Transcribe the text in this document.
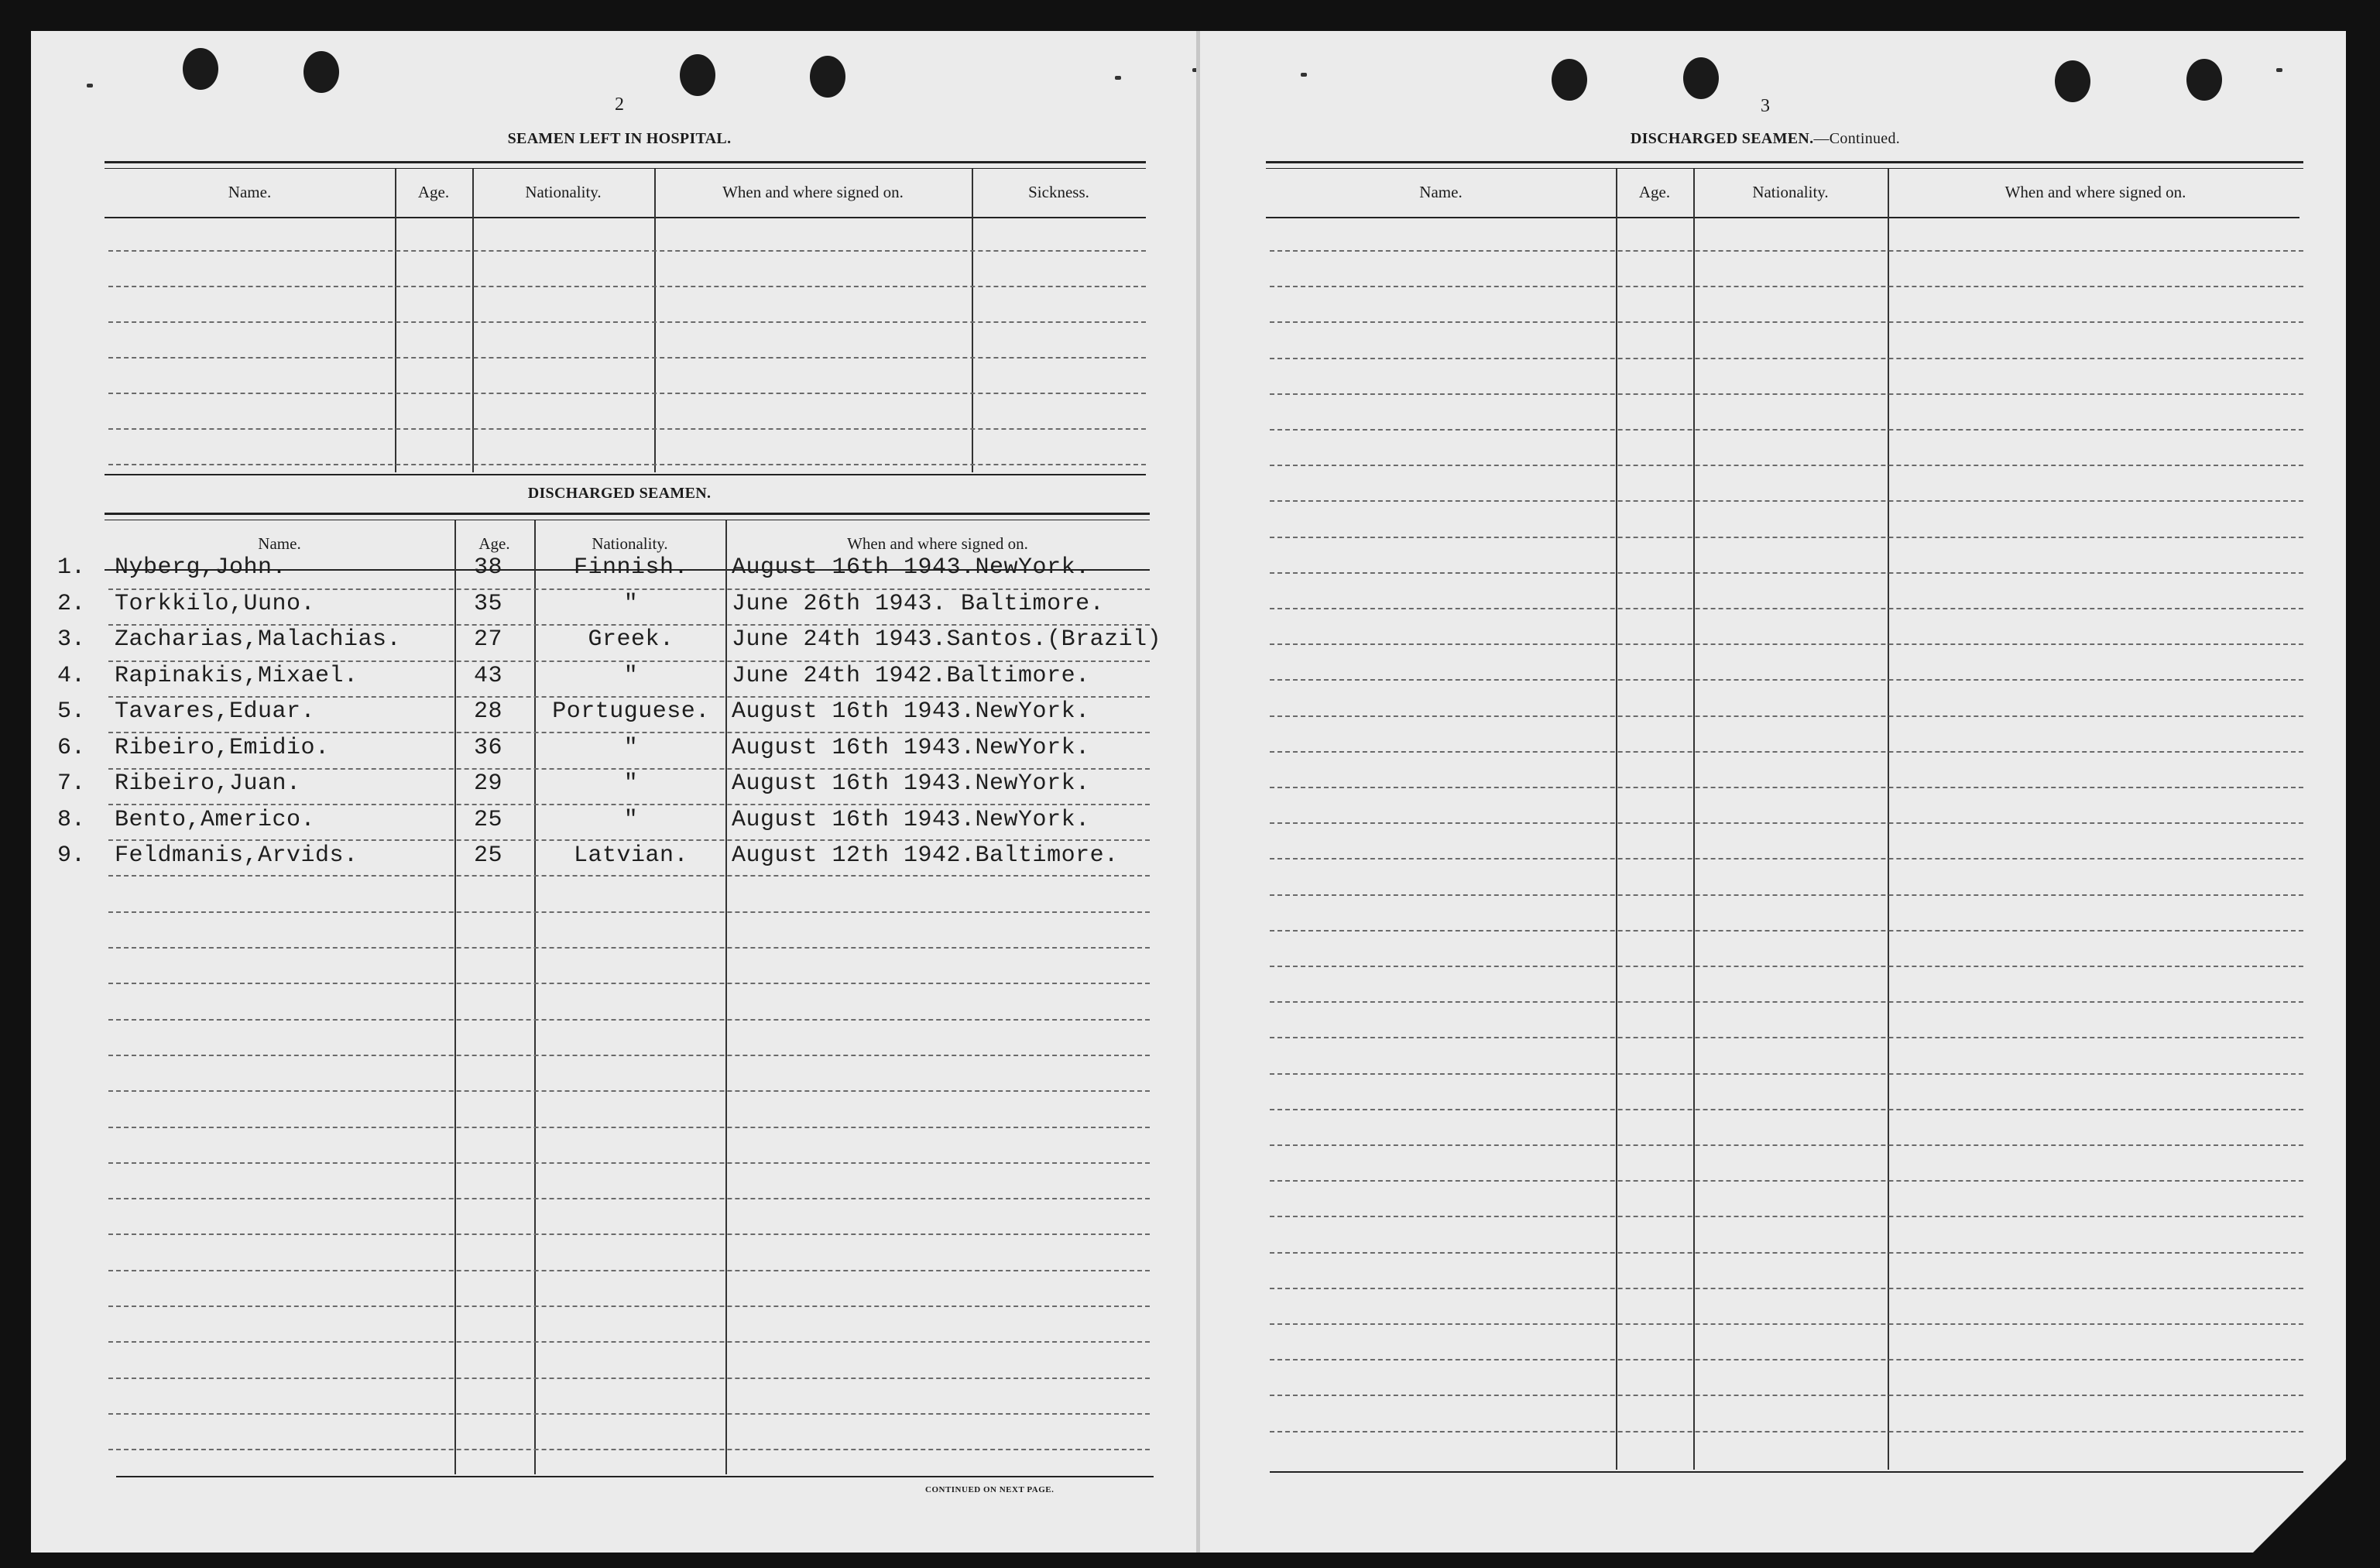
2
SEAMEN LEFT IN HOSPITAL.
Name.	Age.	Nationality.	When and where signed on.	Sickness.
DISCHARGED SEAMEN.
Name.	Age.	Nationality.	When and where signed on.
1. Nyberg,John.	38	Finnish.	August 16th 1943.NewYork.
2. Torkkilo,Uuno.	35	"	June 26th 1943. Baltimore.
3. Zacharias,Malachias.	27	Greek.	June 24th 1943.Santos.(Brazil)
4. Rapinakis,Mixael.	43	"	June 24th 1942.Baltimore.
5. Tavares,Eduar.	28	Portuguese. August 16th 1943.NewYork.
6. Ribeiro,Emidio.	36	"	August 16th 1943.NewYork.
7. Ribeiro,Juan.	29	"	August 16th 1943.NewYork.
8. Bento,Americo.	25	"	August 16th 1943.NewYork.
9. Feldmanis,Arvids.	25	Latvian.	August 12th 1942.Baltimore.
CONTINUED ON NEXT PAGE.
3
DISCHARGED SEAMEN.—Continued.
Name.	Age.	Nationality.	When and where signed on.
